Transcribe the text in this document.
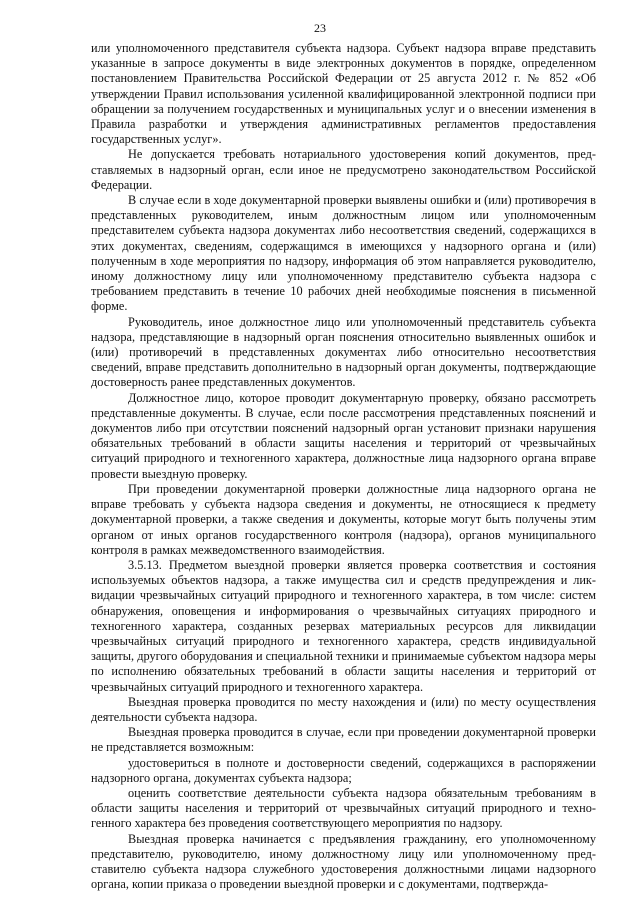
23

или уполномоченного представителя субъекта надзора. Субъект надзора вправе представить указанные в запросе документы в виде электронных документов в порядке, определенном постановлением Правительства Российской Федерации от 25 августа 2012 г. № 852 «Об утверждении Правил использования усиленной квалифицированной электронной подписи при обращении за получением государственных и муниципальных услуг и о внесении изменения в Правила разработки и утверждения административных регламентов предоставления государственных услуг».

Не допускается требовать нотариального удостоверения копий документов, представляемых в надзорный орган, если иное не предусмотрено законодательством Российской Федерации.

В случае если в ходе документарной проверки выявлены ошибки и (или) противоречия в представленных руководителем, иным должностным лицом или уполномоченным представителем субъекта надзора документах либо несоответствия сведений, содержащихся в этих документах, сведениям, содержащимся в имеющихся у надзорного органа и (или) полученным в ходе мероприятия по надзору, информация об этом направляется руководителю, иному должностному лицу или уполномоченному представителю субъекта надзора с требованием представить в течение 10 рабочих дней необходимые пояснения в письменной форме.

Руководитель, иное должностное лицо или уполномоченный представитель субъекта надзора, представляющие в надзорный орган пояснения относительно выявленных ошибок и (или) противоречий в представленных документах либо относительно несоответствия сведений, вправе представить дополнительно в надзорный орган документы, подтверждающие достоверность ранее представленных документов.

Должностное лицо, которое проводит документарную проверку, обязано рассмотреть представленные документы. В случае, если после рассмотрения представленных пояснений и документов либо при отсутствии пояснений надзорный орган установит признаки нарушения обязательных требований в области защиты населения и территорий от чрезвычайных ситуаций природного и техногенного характера, должностные лица надзорного органа вправе провести выездную проверку.

При проведении документарной проверки должностные лица надзорного органа не вправе требовать у субъекта надзора сведения и документы, не относящиеся к предмету документарной проверки, а также сведения и документы, которые могут быть получены этим органом от иных органов государственного контроля (надзора), органов муниципального контроля в рамках межведомственного взаимодействия.

3.5.13. Предметом выездной проверки является проверка соответствия и состояния используемых объектов надзора, а также имущества сил и средств предупреждения и ликвидации чрезвычайных ситуаций природного и техногенного характера, в том числе: систем обнаружения, оповещения и информирования о чрезвычайных ситуациях природного и техногенного характера, созданных резервах материальных ресурсов для ликвидации чрезвычайных ситуаций природного и техногенного характера, средств индивидуальной защиты, другого оборудования и специальной техники и принимаемые субъектом надзора меры по исполнению обязательных требований в области защиты населения и территорий от чрезвычайных ситуаций природного и техногенного характера.

Выездная проверка проводится по месту нахождения и (или) по месту осуществления деятельности субъекта надзора.

Выездная проверка проводится в случае, если при проведении документарной проверки не представляется возможным:

удостовериться в полноте и достоверности сведений, содержащихся в распоряжении надзорного органа, документах субъекта надзора;

оценить соответствие деятельности субъекта надзора обязательным требованиям в области защиты населения и территорий от чрезвычайных ситуаций природного и техногенного характера без проведения соответствующего мероприятия по надзору.

Выездная проверка начинается с предъявления гражданину, его уполномоченному представителю, руководителю, иному должностному лицу или уполномоченному представителю субъекта надзора служебного удостоверения должностными лицами надзорного органа, копии приказа о проведении выездной проверки и с документами, подтвержда-
